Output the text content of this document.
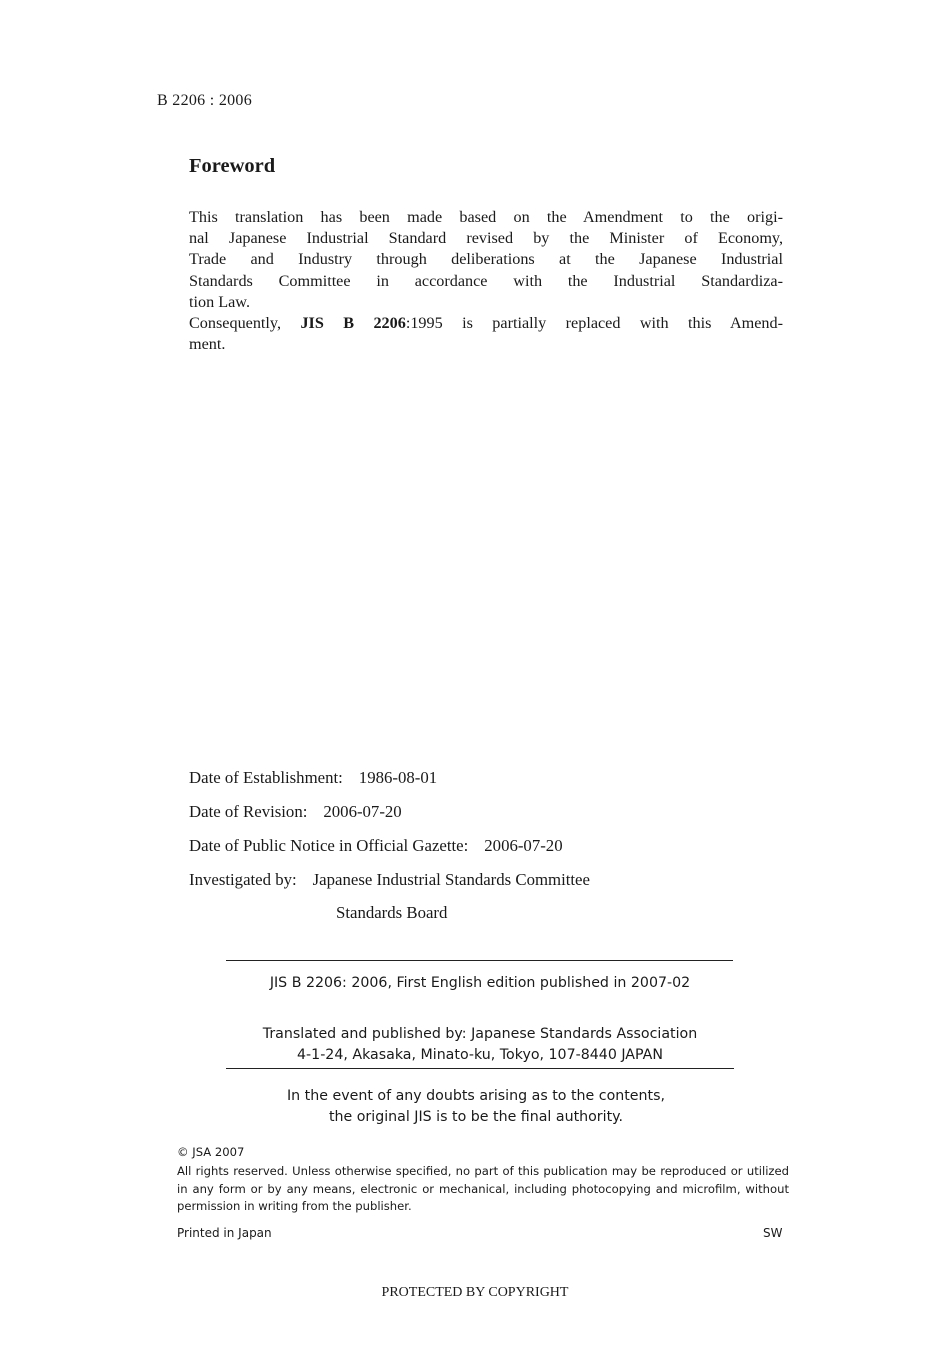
B 2206 : 2006
Foreword
This translation has been made based on the Amendment to the origi-
nal Japanese Industrial Standard revised by the Minister of Economy,
Trade and Industry through deliberations at the Japanese Industrial
Standards Committee in accordance with the Industrial Standardiza-
tion Law.
Consequently, JIS B 2206:1995 is partially replaced with this Amend-
ment.
Date of Establishment: 1986-08-01
Date of Revision: 2006-07-20
Date of Public Notice in Official Gazette: 2006-07-20
Investigated by: Japanese Industrial Standards Committee
Standards Board
JIS B 2206: 2006, First English edition published in 2007-02
Translated and published by: Japanese Standards Association
4-1-24, Akasaka, Minato-ku, Tokyo, 107-8440 JAPAN
In the event of any doubts arising as to the contents,
the original JIS is to be the final authority.
© JSA 2007
All rights reserved. Unless otherwise specified, no part of this publication may be reproduced or utilized
in any form or by any means, electronic or mechanical, including photocopying and microfilm, without
permission in writing from the publisher.
Printed in Japan	SW
PROTECTED BY COPYRIGHT
